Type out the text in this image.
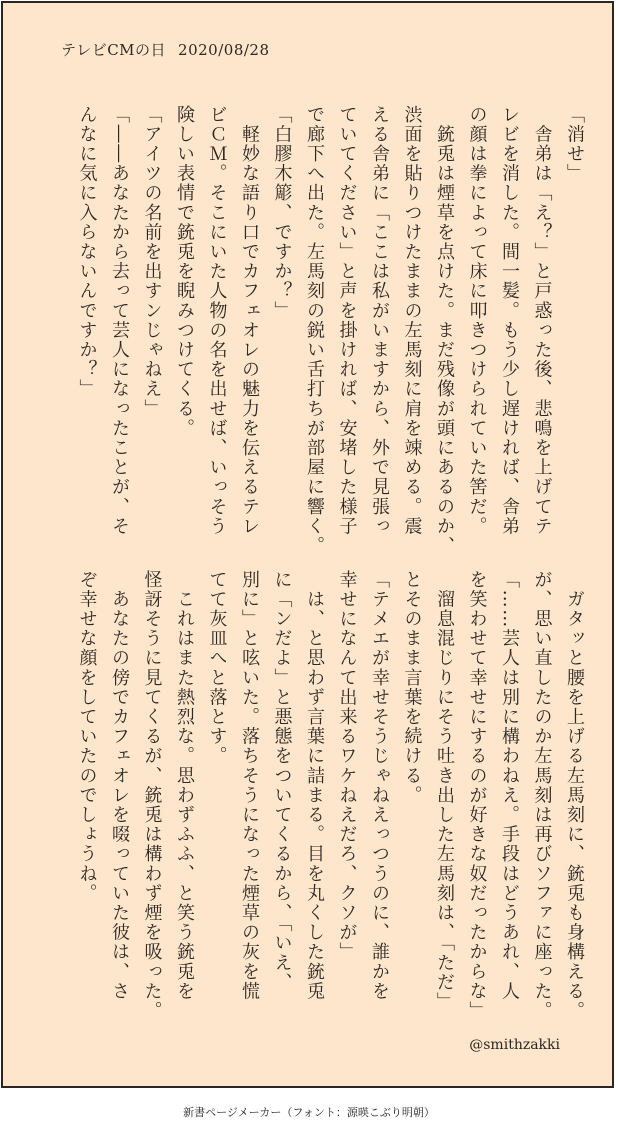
テレビCMの日 2020/08/28
「消せ」
　舎弟は「え？」と戸惑った後、悲鳴を上げてテ
レビを消した。間一髪。もう少し遅ければ、舎弟
の顔は拳によって床に叩きつけられていた筈だ。
　銃兎は煙草を点けた。まだ残像が頭にあるのか、
渋面を貼りつけたままの左馬刻に肩を竦める。震
える舎弟に「ここは私がいますから、外で見張っ
ていてください」と声を掛ければ、安堵した様子
で廊下へ出た。左馬刻の鋭い舌打ちが部屋に響く。
「白膠木簓、ですか？」
　軽妙な語り口でカフェオレの魅力を伝えるテレ
ビＣＭ。そこにいた人物の名を出せば、いっそう
険しい表情で銃兎を睨みつけてくる。
「アイツの名前を出すンじゃねえ」
「――あなたから去って芸人になったことが、そ
んなに気に入らないんですか？」
　ガタッと腰を上げる左馬刻に、銃兎も身構える。
が、思い直したのか左馬刻は再びソファに座った。
「……芸人は別に構わねえ。手段はどうあれ、人
を笑わせて幸せにするのが好きな奴だったからな」
　溜息混じりにそう吐き出した左馬刻は、「ただ」
とそのまま言葉を続ける。
「テメエが幸せそうじゃねえっつうのに、誰かを
幸せになんて出来るワケねえだろ、クソが」
　は、と思わず言葉に詰まる。目を丸くした銃兎
に「ンだよ」と悪態をついてくるから、「いえ、
別に」と呟いた。落ちそうになった煙草の灰を慌
てて灰皿へと落とす。
　これはまた熱烈な。思わずふふ、と笑う銃兎を
怪訝そうに見てくるが、銃兎は構わず煙を吸った。
　あなたの傍でカフェオレを啜っていた彼は、さ
ぞ幸せな顔をしていたのでしょうね。
@smithzakki
新書ページメーカー（フォント：源暎こぶり明朝）
